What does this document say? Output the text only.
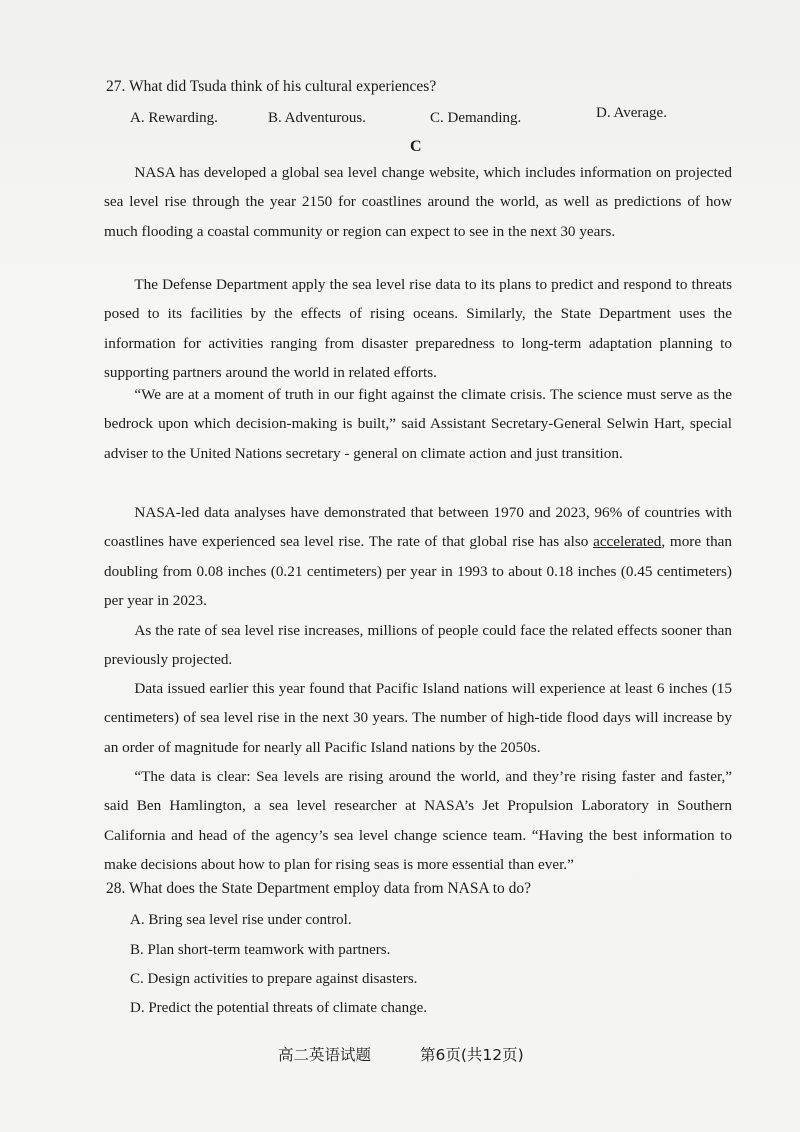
27. What did Tsuda think of his cultural experiences?
A. Rewarding.	B. Adventurous.	C. Demanding.	D. Average.
C

NASA has developed a global sea level change website, which includes information on projected sea level rise through the year 2150 for coastlines around the world, as well as predictions of how much flooding a coastal community or region can expect to see in the next 30 years.

The Defense Department apply the sea level rise data to its plans to predict and respond to threats posed to its facilities by the effects of rising oceans. Similarly, the State Department uses the information for activities ranging from disaster preparedness to long-term adaptation planning to supporting partners around the world in related efforts.

“We are at a moment of truth in our fight against the climate crisis. The science must serve as the bedrock upon which decision-making is built,” said Assistant Secretary-General Selwin Hart, special adviser to the United Nations secretary - general on climate action and just transition.

NASA-led data analyses have demonstrated that between 1970 and 2023, 96% of countries with coastlines have experienced sea level rise. The rate of that global rise has also accelerated, more than doubling from 0.08 inches (0.21 centimeters) per year in 1993 to about 0.18 inches (0.45 centimeters) per year in 2023.

As the rate of sea level rise increases, millions of people could face the related effects sooner than previously projected.

Data issued earlier this year found that Pacific Island nations will experience at least 6 inches (15 centimeters) of sea level rise in the next 30 years. The number of high-tide flood days will increase by an order of magnitude for nearly all Pacific Island nations by the 2050s.

“The data is clear: Sea levels are rising around the world, and they’re rising faster and faster,” said Ben Hamlington, a sea level researcher at NASA’s Jet Propulsion Laboratory in Southern California and head of the agency’s sea level change science team. “Having the best information to make decisions about how to plan for rising seas is more essential than ever.”

28. What does the State Department employ data from NASA to do?
A. Bring sea level rise under control.
B. Plan short-term teamwork with partners.
C. Design activities to prepare against disasters.
D. Predict the potential threats of climate change.
高二英语试题	第6页(共12页)
